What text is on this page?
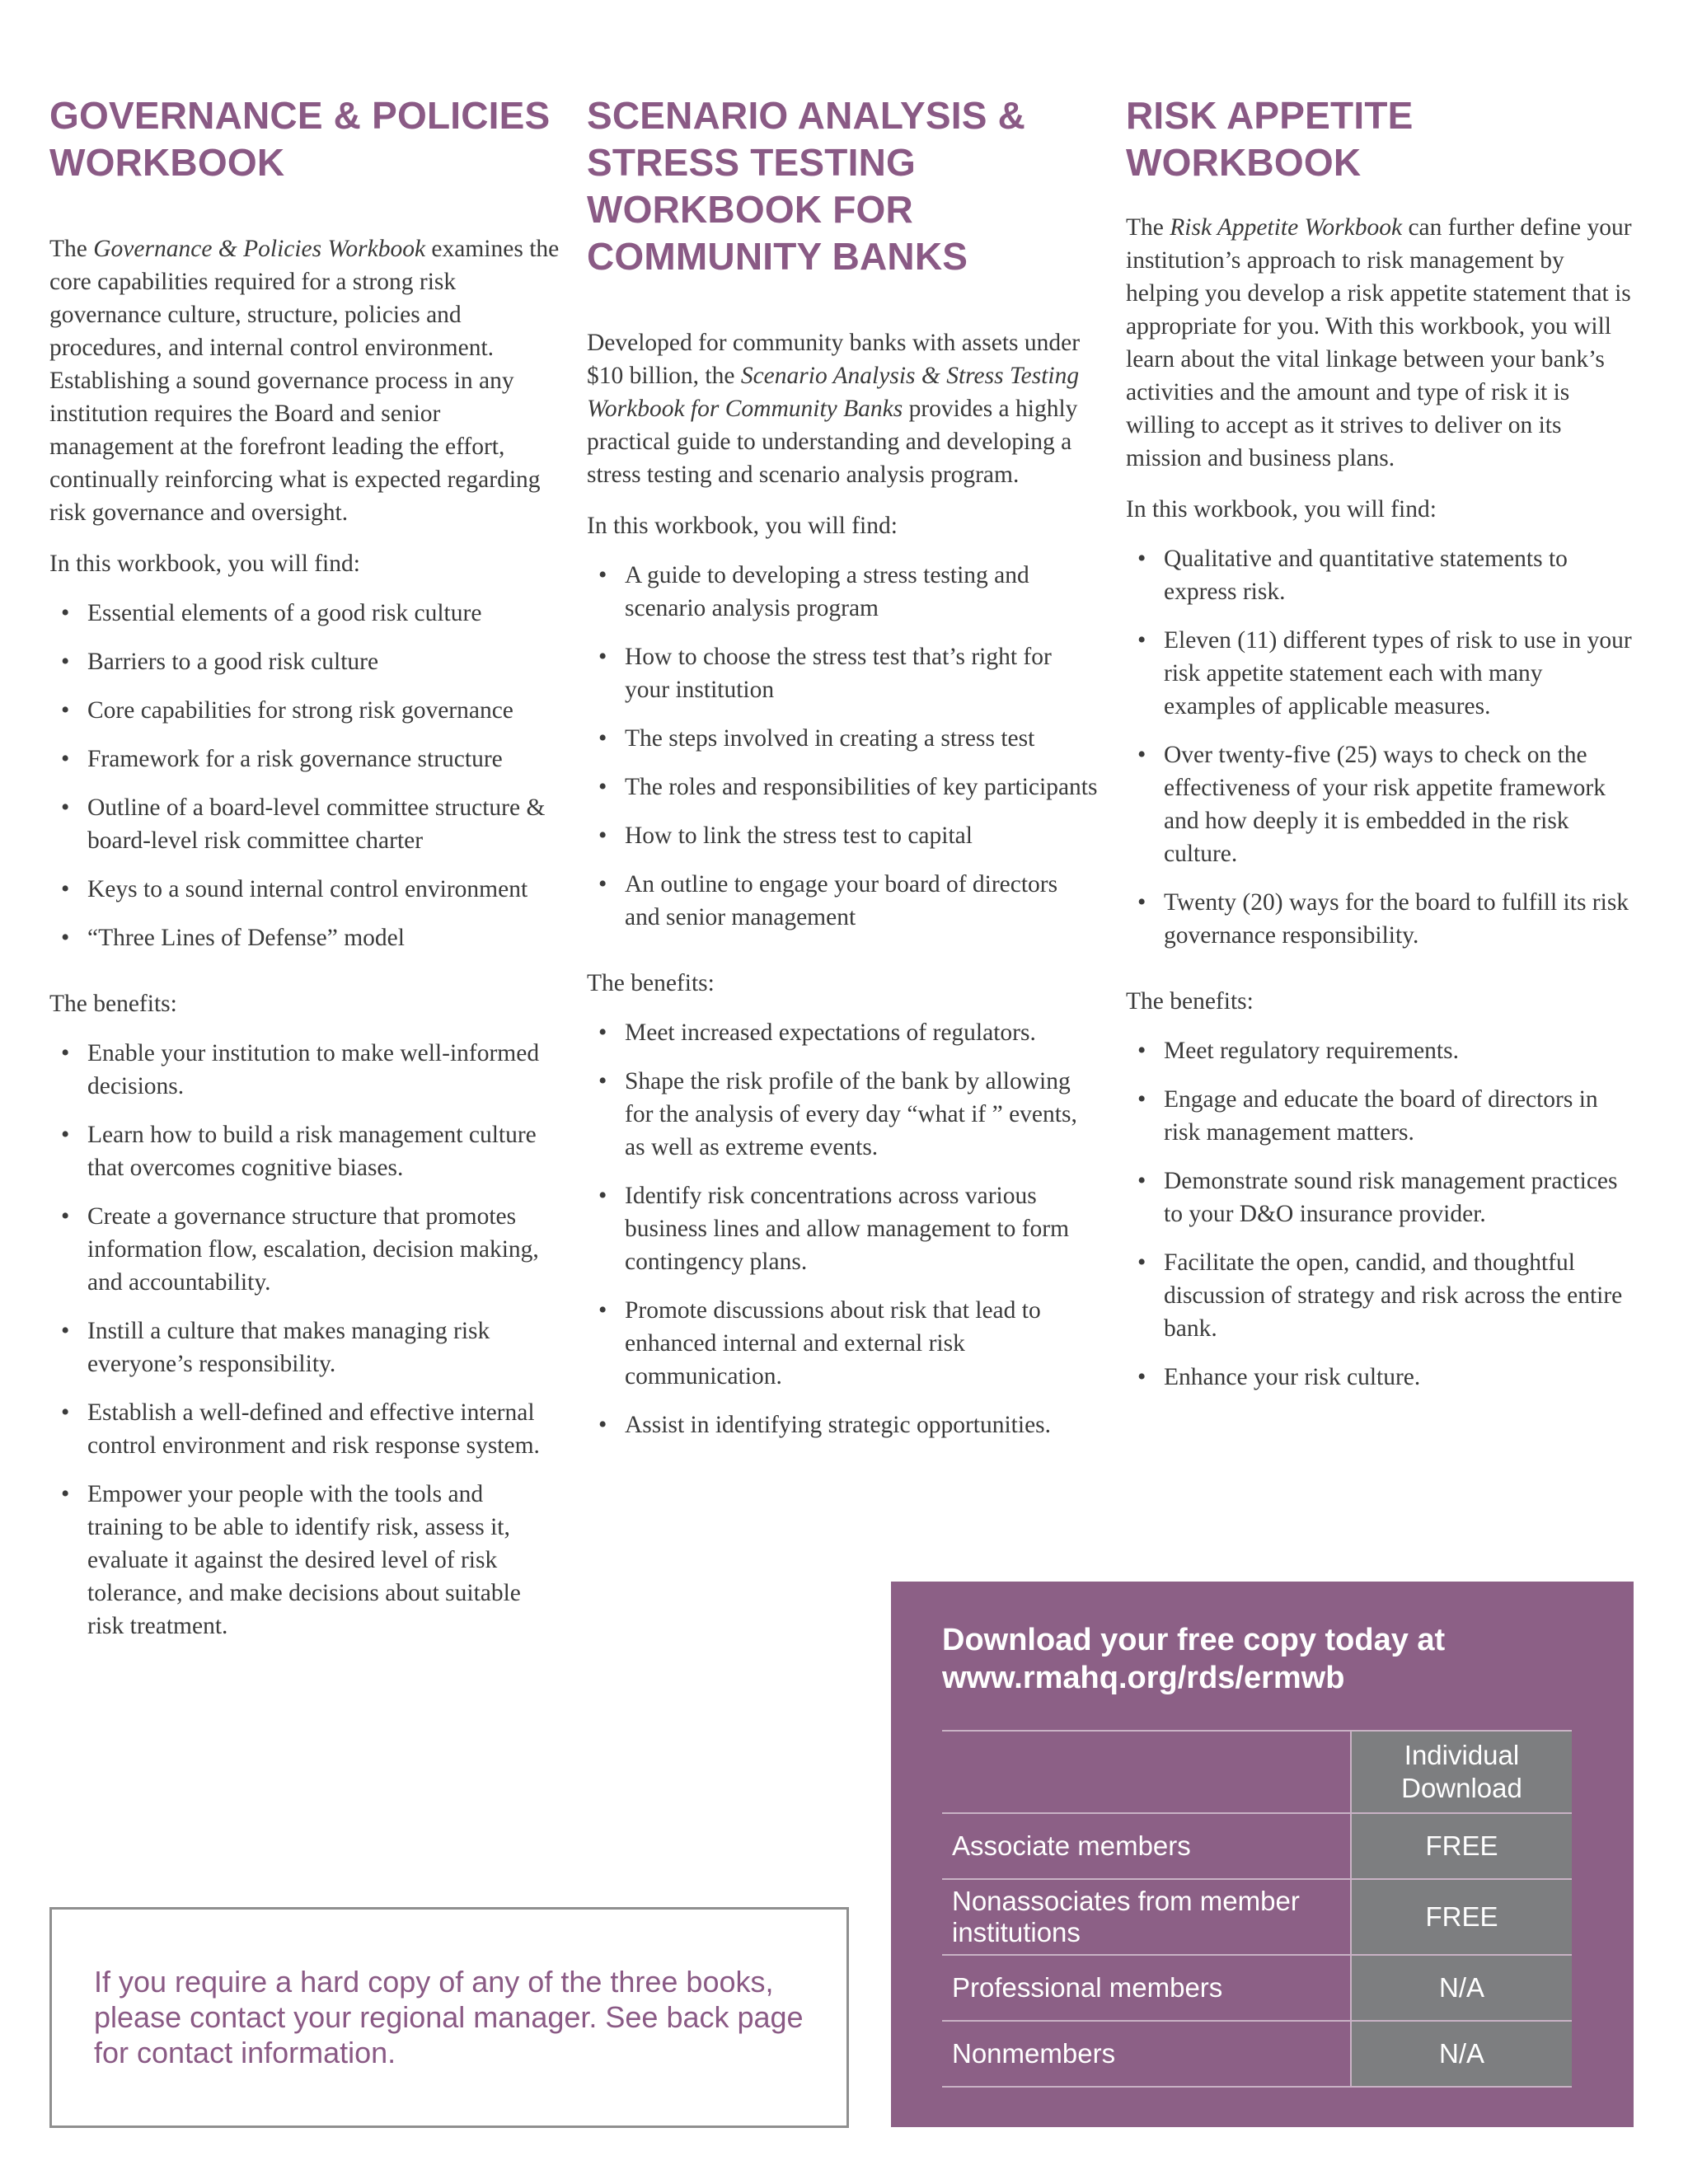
GOVERNANCE & POLICIES WORKBOOK

The Governance & Policies Workbook examines the core capabilities required for a strong risk governance culture, structure, policies and procedures, and internal control environment. Establishing a sound governance process in any institution requires the Board and senior management at the forefront leading the effort, continually reinforcing what is expected regarding risk governance and oversight.

In this workbook, you will find:

• Essential elements of a good risk culture
• Barriers to a good risk culture
• Core capabilities for strong risk governance
• Framework for a risk governance structure
• Outline of a board-level committee structure & board-level risk committee charter
• Keys to a sound internal control environment
• “Three Lines of Defense” model

The benefits:

• Enable your institution to make well-informed decisions.
• Learn how to build a risk management culture that overcomes cognitive biases.
• Create a governance structure that promotes information flow, escalation, decision making, and accountability.
• Instill a culture that makes managing risk everyone’s responsibility.
• Establish a well-defined and effective internal control environment and risk response system.
• Empower your people with the tools and training to be able to identify risk, assess it, evaluate it against the desired level of risk tolerance, and make decisions about suitable risk treatment.
SCENARIO ANALYSIS & STRESS TESTING WORKBOOK FOR COMMUNITY BANKS

Developed for community banks with assets under $10 billion, the Scenario Analysis & Stress Testing Workbook for Community Banks provides a highly practical guide to understanding and developing a stress testing and scenario analysis program.

In this workbook, you will find:

• A guide to developing a stress testing and scenario analysis program
• How to choose the stress test that’s right for your institution
• The steps involved in creating a stress test
• The roles and responsibilities of key participants
• How to link the stress test to capital
• An outline to engage your board of directors and senior management

The benefits:

• Meet increased expectations of regulators.
• Shape the risk profile of the bank by allowing for the analysis of every day “what if ” events, as well as extreme events.
• Identify risk concentrations across various business lines and allow management to form contingency plans.
• Promote discussions about risk that lead to enhanced internal and external risk communication.
• Assist in identifying strategic opportunities.
RISK APPETITE WORKBOOK

The Risk Appetite Workbook can further define your institution’s approach to risk management by helping you develop a risk appetite statement that is appropriate for you. With this workbook, you will learn about the vital linkage between your bank’s activities and the amount and type of risk it is willing to accept as it strives to deliver on its mission and business plans.

In this workbook, you will find:

• Qualitative and quantitative statements to express risk.
• Eleven (11) different types of risk to use in your risk appetite statement each with many examples of applicable measures.
• Over twenty-five (25) ways to check on the effectiveness of your risk appetite framework and how deeply it is embedded in the risk culture.
• Twenty (20) ways for the board to fulfill its risk governance responsibility.

The benefits:

• Meet regulatory requirements.
• Engage and educate the board of directors in risk management matters.
• Demonstrate sound risk management practices to your D&O insurance provider.
• Facilitate the open, candid, and thoughtful discussion of strategy and risk across the entire bank.
• Enhance your risk culture.

If you require a hard copy of any of the three books, please contact your regional manager. See back page for contact information.

Download your free copy today at www.rmahq.org/rds/ermwb

	Individual Download
Associate members	FREE
Nonassociates from member institutions	FREE
Professional members	N/A
Nonmembers	N/A
